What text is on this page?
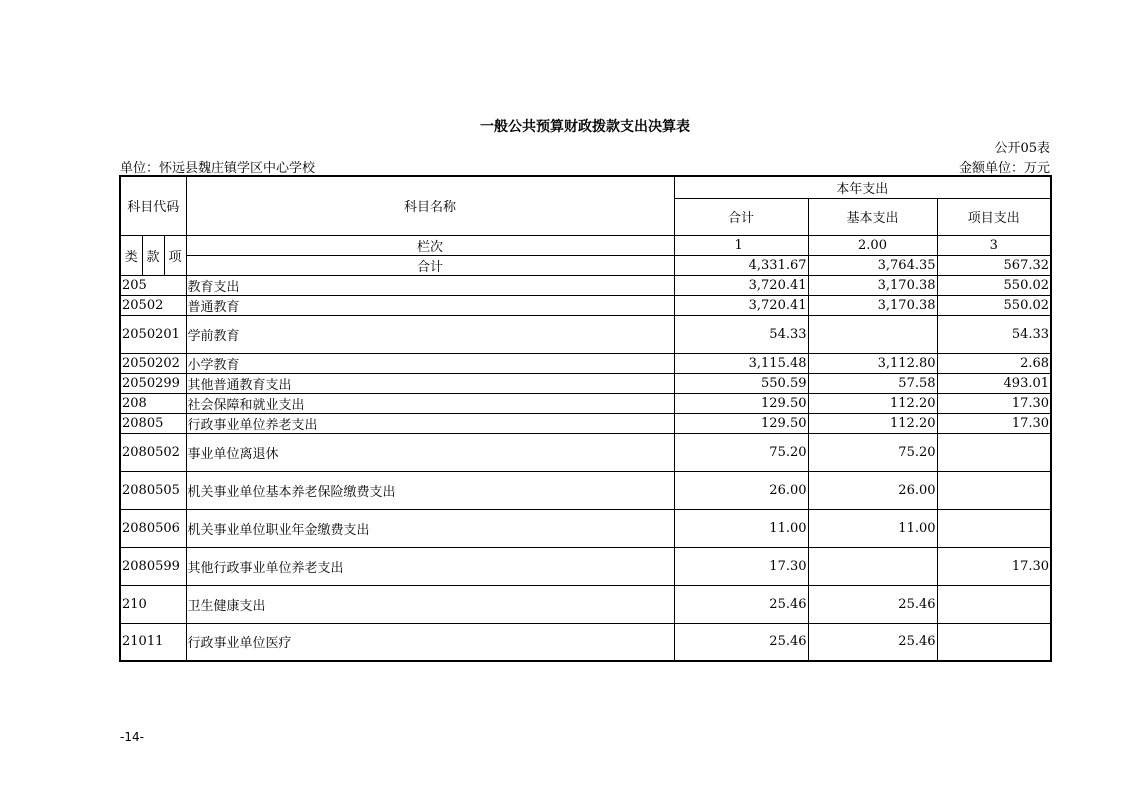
一般公共预算财政拨款支出决算表
公开05表
单位：怀远县魏庄镇学区中心学校	金额单位：万元
科目代码			科目名称	本年支出		
				合计	基本支出	项目支出
类	款	项	栏次	1	2.00	3
			合计	4,331.67	3,764.35	567.32
205			教育支出	3,720.41	3,170.38	550.02
20502			普通教育	3,720.41	3,170.38	550.02
2050201			学前教育	54.33		54.33
2050202			小学教育	3,115.48	3,112.80	2.68
2050299			其他普通教育支出	550.59	57.58	493.01
208			社会保障和就业支出	129.50	112.20	17.30
20805			行政事业单位养老支出	129.50	112.20	17.30
2080502			事业单位离退休	75.20	75.20	
2080505			机关事业单位基本养老保险缴费支出	26.00	26.00	
2080506			机关事业单位职业年金缴费支出	11.00	11.00	
2080599			其他行政事业单位养老支出	17.30		17.30
210			卫生健康支出	25.46	25.46	
21011			行政事业单位医疗	25.46	25.46	
-14-
